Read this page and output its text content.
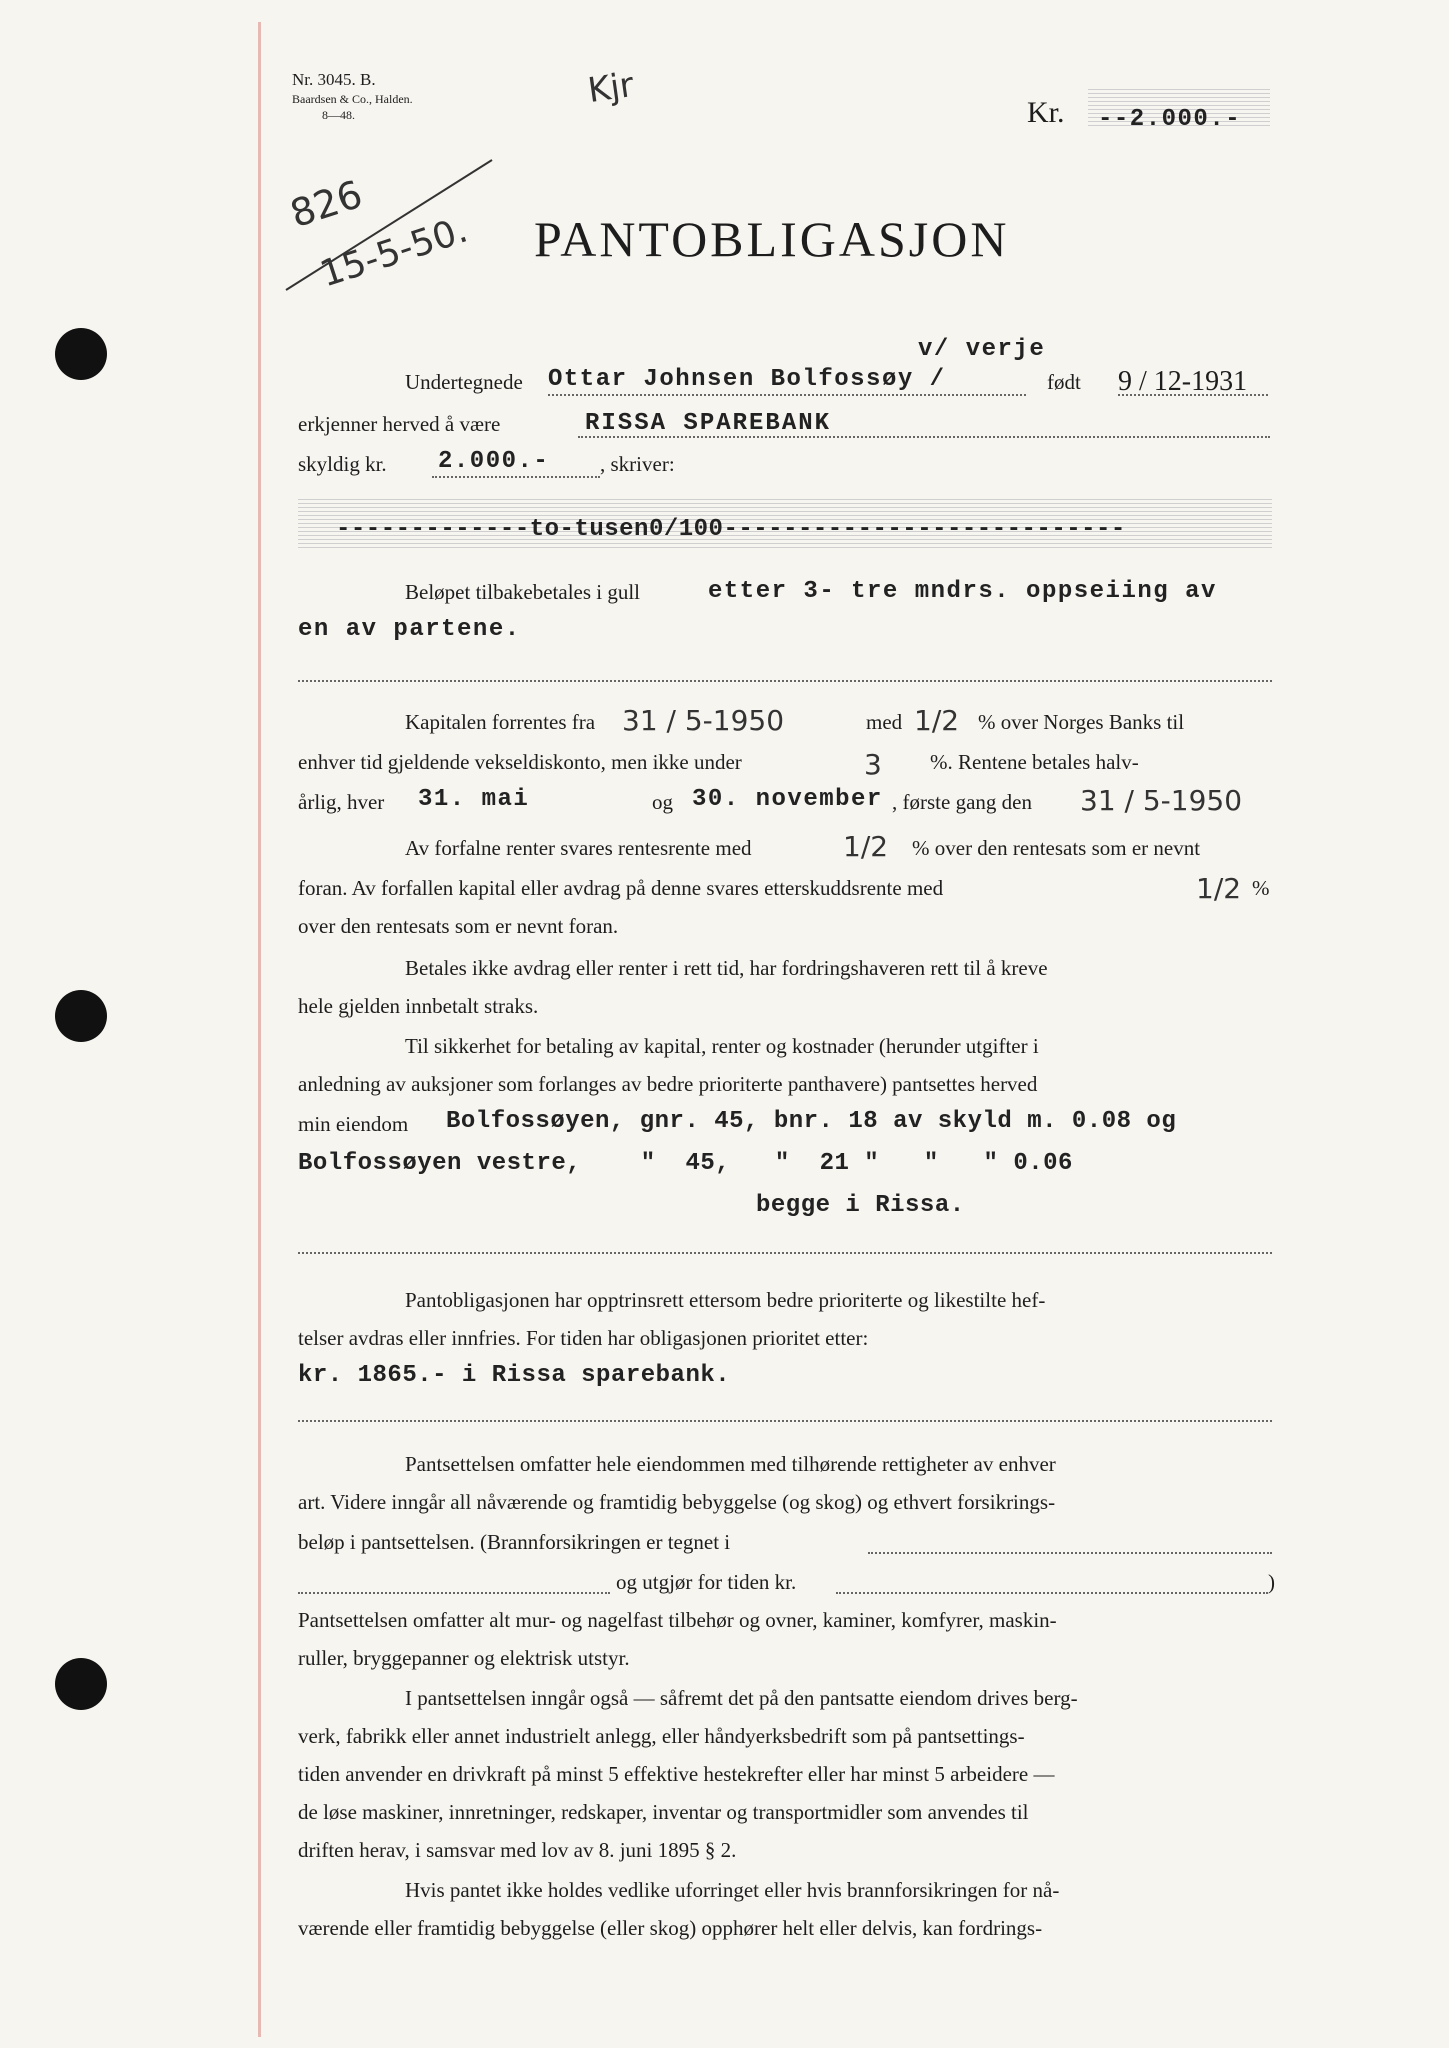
Nr. 3045. B.
Baardsen & Co., Halden.
8—48.
Kjr
Kr. --2.000.-
826
15-5-50. PANTOBLIGASJON
v/ verje
Undertegnede Ottar Johnsen Bolfossøy /	født 9 / 12-1931
erkjenner herved å være	RISSA SPAREBANK
skyldig kr. 2.000.- , skriver:
-------------to-tusen0/100---------------------------
Beløpet tilbakebetales i gull	etter 3- tre mndrs. oppseiing av
en av partene.
Kapitalen forrentes fra 31 / 5-1950	med 1/2 % over Norges Banks til
enhver tid gjeldende vekseldiskonto, men ikke under	3 %. Rentene betales halv-
årlig, hver 31. mai	og 30. november , første gang den 31 / 5-1950
Av forfalne renter svares rentesrente med	1/2 % over den rentesats som er nevnt
foran. Av forfallen kapital eller avdrag på denne svares etterskuddsrente med	1/2 %
over den rentesats som er nevnt foran.
Betales ikke avdrag eller renter i rett tid, har fordringshaveren rett til å kreve
hele gjelden innbetalt straks.
Til sikkerhet for betaling av kapital, renter og kostnader (herunder utgifter i
anledning av auksjoner som forlanges av bedre prioriterte panthavere) pantsettes herved
min eiendom Bolfossøyen, gnr. 45, bnr. 18 av skyld m. 0.08 og
Bolfossøyen vestre,    "  45,   "  21 "   "   " 0.06
begge i Rissa.
Pantobligasjonen har opptrinsrett ettersom bedre prioriterte og likestilte hef-
telser avdras eller innfries. For tiden har obligasjonen prioritet etter:
kr. 1865.- i Rissa sparebank.
Pantsettelsen omfatter hele eiendommen med tilhørende rettigheter av enhver
art. Videre inngår all nåværende og framtidig bebyggelse (og skog) og ethvert forsikrings-
beløp i pantsettelsen. (Brannforsikringen er tegnet i
og utgjør for tiden kr.	)
Pantsettelsen omfatter alt mur- og nagelfast tilbehør og ovner, kaminer, komfyrer, maskin-
ruller, bryggepanner og elektrisk utstyr.
I pantsettelsen inngår også — såfremt det på den pantsatte eiendom drives berg-
verk, fabrikk eller annet industrielt anlegg, eller håndyerksbedrift som på pantsettings-
tiden anvender en drivkraft på minst 5 effektive hestekrefter eller har minst 5 arbeidere —
de løse maskiner, innretninger, redskaper, inventar og transportmidler som anvendes til
driften herav, i samsvar med lov av 8. juni 1895 § 2.
Hvis pantet ikke holdes vedlike uforringet eller hvis brannforsikringen for nå-
værende eller framtidig bebyggelse (eller skog) opphører helt eller delvis, kan fordrings-
